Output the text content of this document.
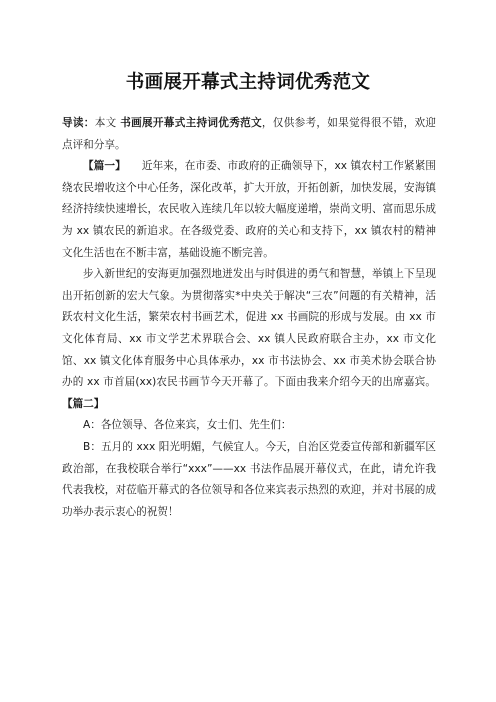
书画展开幕式主持词优秀范文

导读：本文 书画展开幕式主持词优秀范文，仅供参考，如果觉得很不错，欢迎点评和分享。

【篇一】　　近年来，在市委、市政府的正确领导下，xx 镇农村工作紧紧围绕农民增收这个中心任务，深化改革，扩大开放，开拓创新，加快发展，安海镇经济持续快速增长，农民收入连续几年以较大幅度递增，崇尚文明、富而思乐成为 xx 镇农民的新追求。在各级党委、政府的关心和支持下，xx 镇农村的精神文化生活也在不断丰富，基础设施不断完善。

步入新世纪的安海更加强烈地迸发出与时俱进的勇气和智慧，举镇上下呈现出开拓创新的宏大气象。为贯彻落实*中央关于解决“三农”问题的有关精神，活跃农村文化生活，繁荣农村书画艺术，促进 xx 书画院的形成与发展。由 xx 市文化体育局、xx 市文学艺术界联合会、xx 镇人民政府联合主办，xx 市文化馆、xx 镇文化体育服务中心具体承办，xx 市书法协会、xx 市美术协会联合协办的 xx 市首届(xx)农民书画节今天开幕了。下面由我来介绍今天的出席嘉宾。【篇二】

A：各位领导、各位来宾，女士们、先生们：

B：五月的 xxx 阳光明媚，气候宜人。今天，自治区党委宣传部和新疆军区政治部，在我校联合举行“xxx”——xx 书法作品展开幕仪式，在此，请允许我代表我校，对莅临开幕式的各位领导和各位来宾表示热烈的欢迎，并对书展的成功举办表示衷心的祝贺！
